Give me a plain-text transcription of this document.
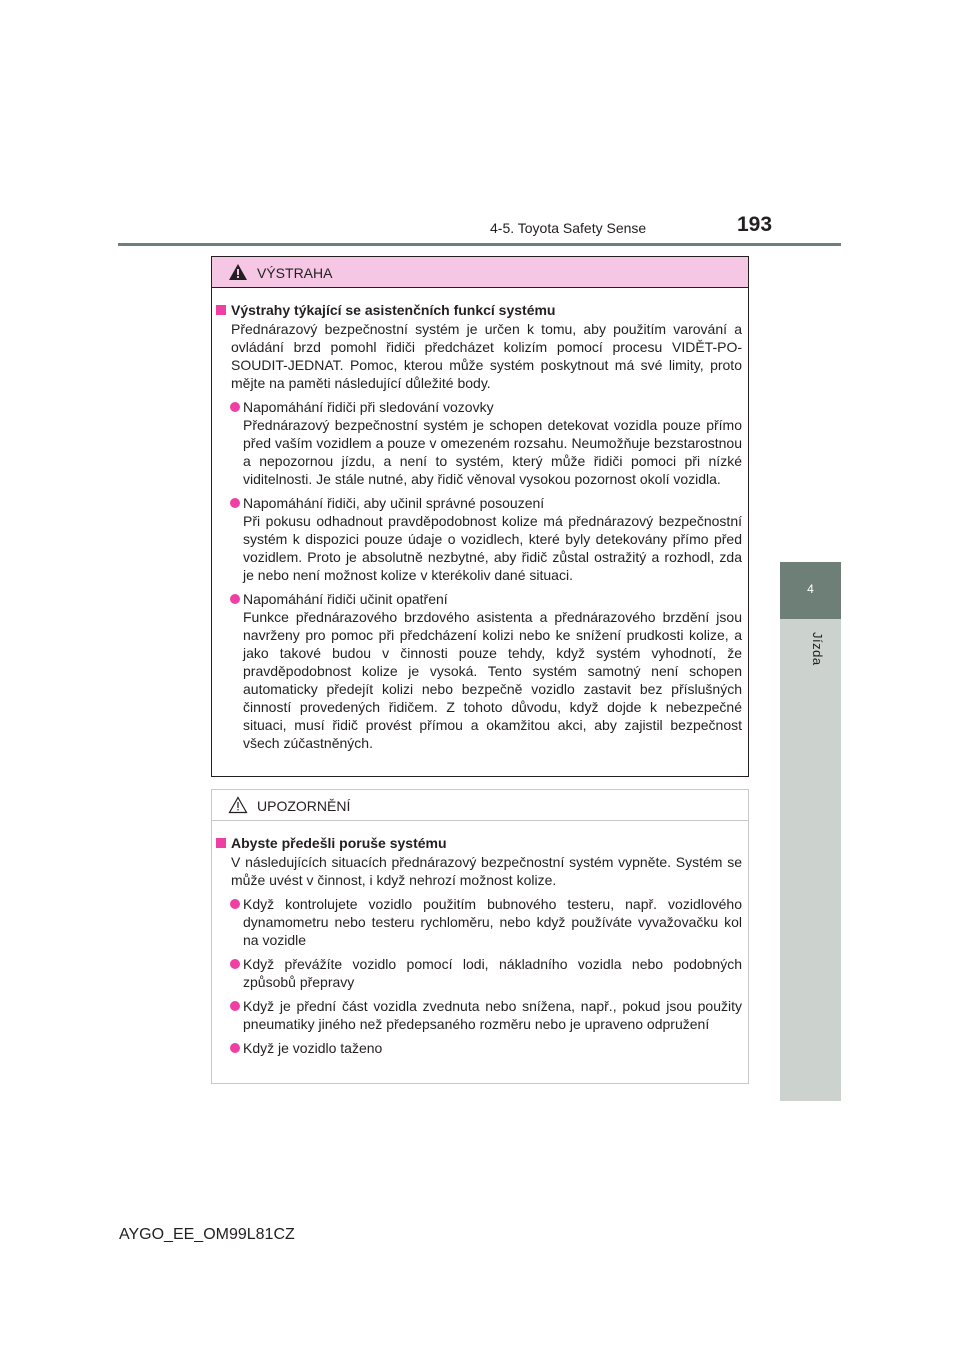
4-5. Toyota Safety Sense	193
4
Jízda
VÝSTRAHA
Výstrahy týkající se asistenčních funkcí systému
Přednárazový bezpečnostní systém je určen k tomu, aby použitím varování a ovládání brzd pomohl řidiči předcházet kolizím pomocí procesu VIDĚT-PO-SOUDIT-JEDNAT. Pomoc, kterou může systém poskytnout má své limity, proto mějte na paměti následující důležité body.
Napomáhání řidiči při sledování vozovky
Přednárazový bezpečnostní systém je schopen detekovat vozidla pouze přímo před vaším vozidlem a pouze v omezeném rozsahu. Neumožňuje bezstarostnou a nepozornou jízdu, a není to systém, který může řidiči pomoci při nízké viditelnosti. Je stále nutné, aby řidič věnoval vysokou pozornost okolí vozidla.
Napomáhání řidiči, aby učinil správné posouzení
Při pokusu odhadnout pravděpodobnost kolize má přednárazový bezpečnostní systém k dispozici pouze údaje o vozidlech, které byly detekovány přímo před vozidlem. Proto je absolutně nezbytné, aby řidič zůstal ostražitý a rozhodl, zda je nebo není možnost kolize v kterékoliv dané situaci.
Napomáhání řidiči učinit opatření
Funkce přednárazového brzdového asistenta a přednárazového brzdění jsou navrženy pro pomoc při předcházení kolizi nebo ke snížení prudkosti kolize, a jako takové budou v činnosti pouze tehdy, když systém vyhodnotí, že pravděpodobnost kolize je vysoká. Tento systém samotný není schopen automaticky předejít kolizi nebo bezpečně vozidlo zastavit bez příslušných činností provedených řidičem. Z tohoto důvodu, když dojde k nebezpečné situaci, musí řidič provést přímou a okamžitou akci, aby zajistil bezpečnost všech zúčastněných.
UPOZORNĚNÍ
Abyste předešli poruše systému
V následujících situacích přednárazový bezpečnostní systém vypněte. Systém se může uvést v činnost, i když nehrozí možnost kolize.
Když kontrolujete vozidlo použitím bubnového testeru, např. vozidlového dynamometru nebo testeru rychloměru, nebo když používáte vyvažovačku kol na vozidle
Když převážíte vozidlo pomocí lodi, nákladního vozidla nebo podobných způsobů přepravy
Když je přední část vozidla zvednuta nebo snížena, např., pokud jsou použity pneumatiky jiného než předepsaného rozměru nebo je upraveno odpružení
Když je vozidlo taženo
AYGO_EE_OM99L81CZ
